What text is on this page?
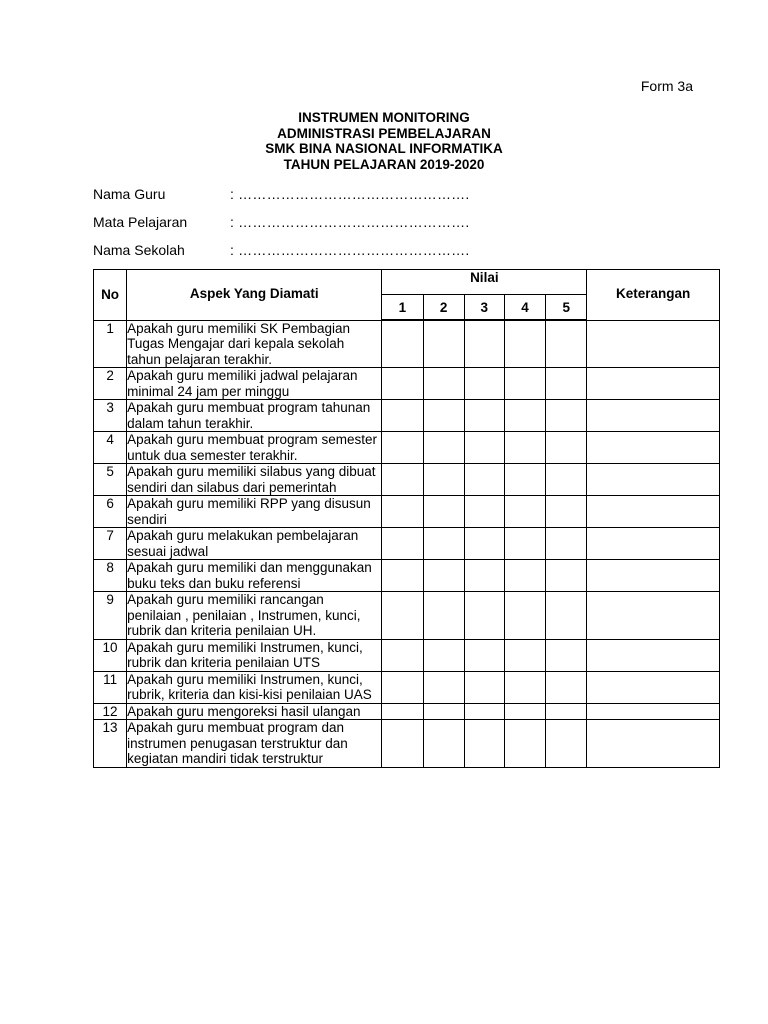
Form 3a
INSTRUMEN MONITORING
ADMINISTRASI PEMBELAJARAN
SMK BINA NASIONAL INFORMATIKA
TAHUN PELAJARAN 2019-2020
Nama Guru	: ………………………………………….
Mata Pelajaran	: ………………………………………….
Nama Sekolah	: ………………………………………….
No	Aspek Yang Diamati	Nilai					Keterangan

		1	2	3	4	5	
1	Apakah guru memiliki SK Pembagian Tugas Mengajar dari kepala sekolah tahun pelajaran terakhir.						
2	Apakah guru memiliki jadwal pelajaran minimal 24 jam per minggu						
3	Apakah guru membuat program tahunan dalam tahun terakhir.						
4	Apakah guru membuat program semester untuk dua semester terakhir.						
5	Apakah guru memiliki silabus yang dibuat sendiri dan silabus dari pemerintah						
6	Apakah guru memiliki RPP yang disusun sendiri						
7	Apakah guru melakukan pembelajaran sesuai jadwal						
8	Apakah guru memiliki dan menggunakan buku teks dan buku referensi						
9	Apakah guru memiliki rancangan penilaian , penilaian , Instrumen, kunci, rubrik dan kriteria penilaian UH.						
10	Apakah guru memiliki Instrumen, kunci, rubrik dan kriteria penilaian UTS						
11	Apakah guru memiliki Instrumen, kunci, rubrik, kriteria dan kisi-kisi penilaian UAS						
12	Apakah guru mengoreksi hasil ulangan						
13	Apakah guru membuat program dan instrumen penugasan terstruktur dan kegiatan mandiri tidak terstruktur						
